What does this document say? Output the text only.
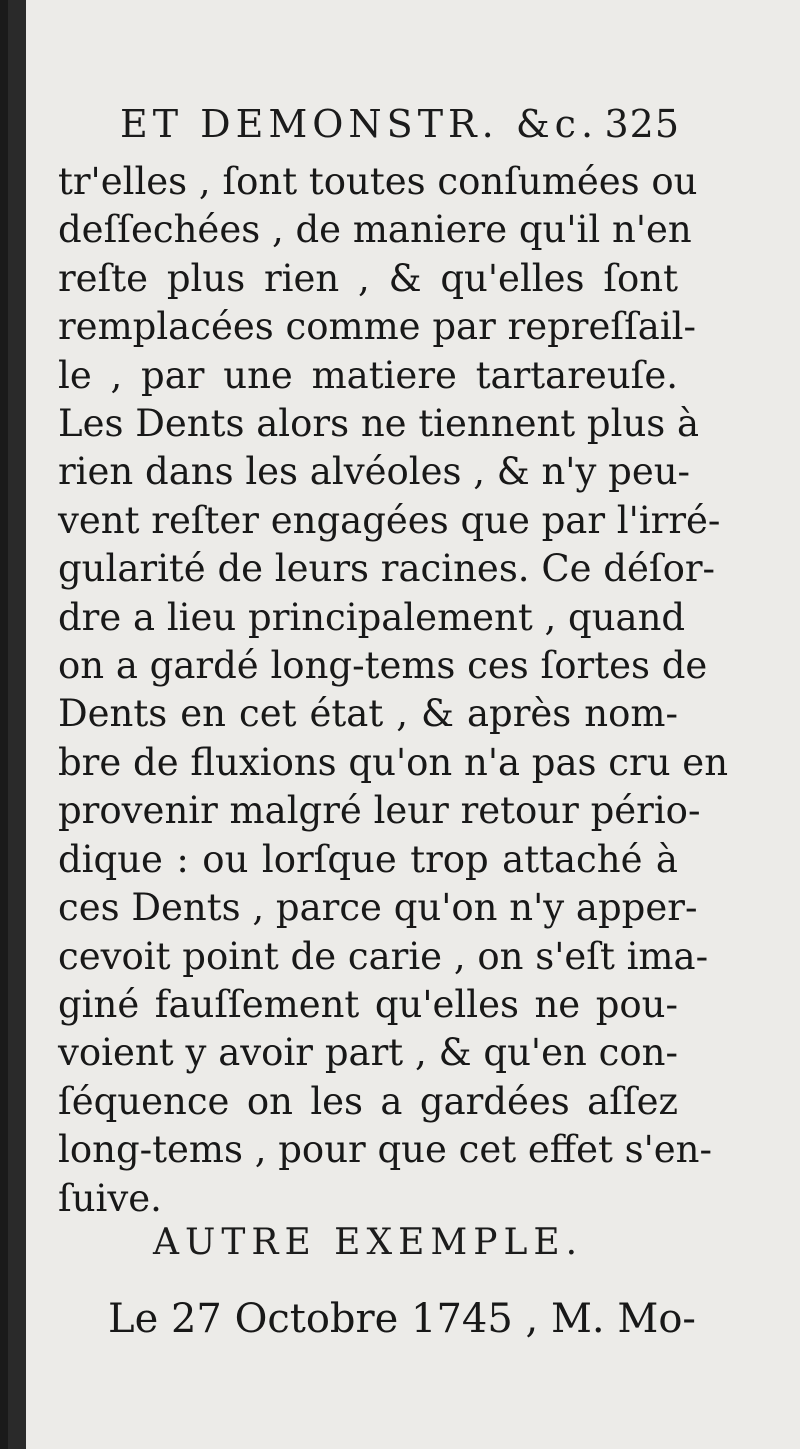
ET DEMONSTR. &c. 325
tr'elles , ſont toutes conſumées ou
deſſechées , de maniere qu'il n'en
reſte plus rien , & qu'elles ſont
remplacées comme par repreſſail-
le , par une matiere tartareuſe.
Les Dents alors ne tiennent plus à
rien dans les alvéoles , & n'y peu-
vent reſter engagées que par l'irré-
gularité de leurs racines. Ce déſor-
dre a lieu principalement , quand
on a gardé long-tems ces ſortes de
Dents en cet état , & après nom-
bre de fluxions qu'on n'a pas cru en
provenir malgré leur retour pério-
dique : ou lorſque trop attaché à
ces Dents , parce qu'on n'y apper-
cevoit point de carie , on s'eſt ima-
giné fauſſement qu'elles ne pou-
voient y avoir part , & qu'en con-
ſéquence on les a gardées aſſez
long-tems , pour que cet effet s'en-
ſuive.
AUTRE EXEMPLE.
Le 27 Octobre 1745 , M. Mo-
